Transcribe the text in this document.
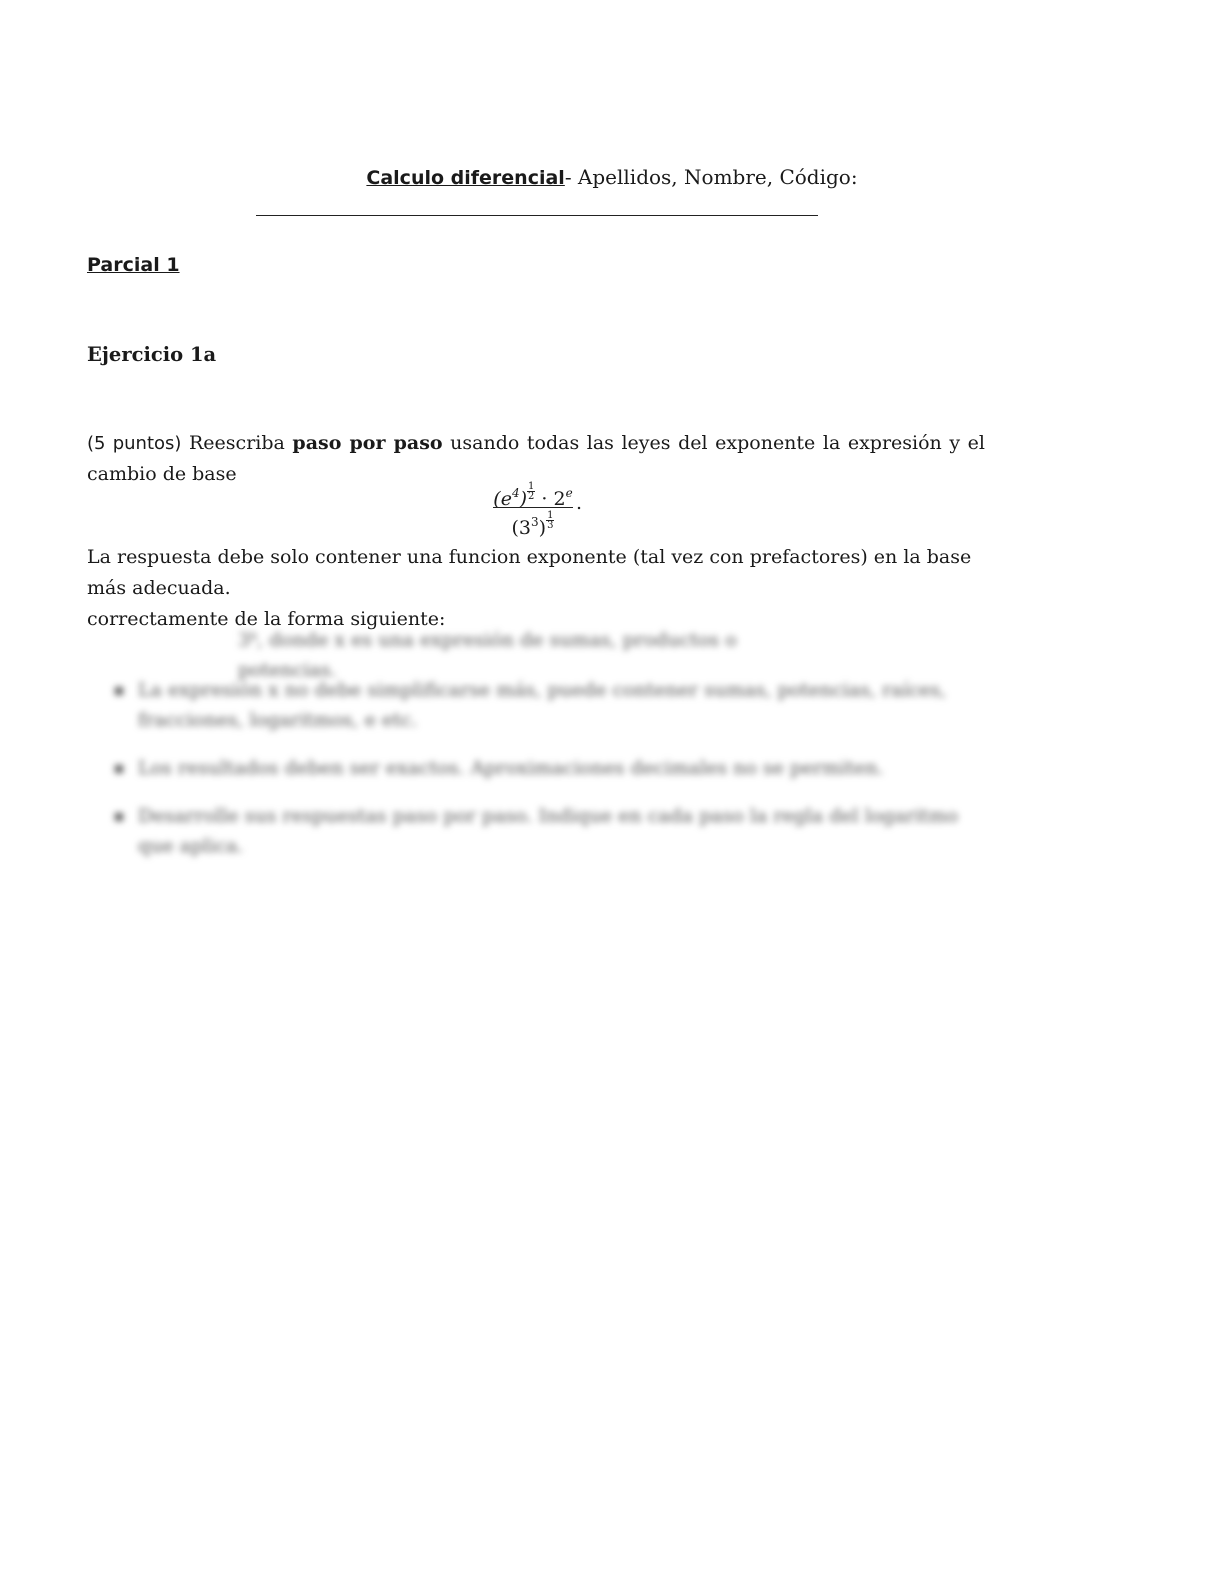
Calculo diferencial- Apellidos, Nombre, Código:
Parcial 1
Ejercicio 1a
(5 puntos) Reescriba paso por paso usando todas las leyes del exponente la expresión y el cambio de base
$(e^4) \frac{1}{2} \cdot 2^e$
$(3^3) \frac{1}{3}$
.
La respuesta debe solo contener una funcion exponente (tal vez con prefactores) en la base más adecuada.
correctamente de la forma siguiente:
3ᵏ, donde x es una expresión de sumas, productos o potencias.
La expresión x no debe simplificarse más, puede contener sumas, potencias, raíces, fracciones, logaritmos, e etc.
Los resultados deben ser exactos. Aproximaciones decimales no se permiten.
Desarrolle sus respuestas paso por paso. Indique en cada paso la regla del logaritmo que aplica.
